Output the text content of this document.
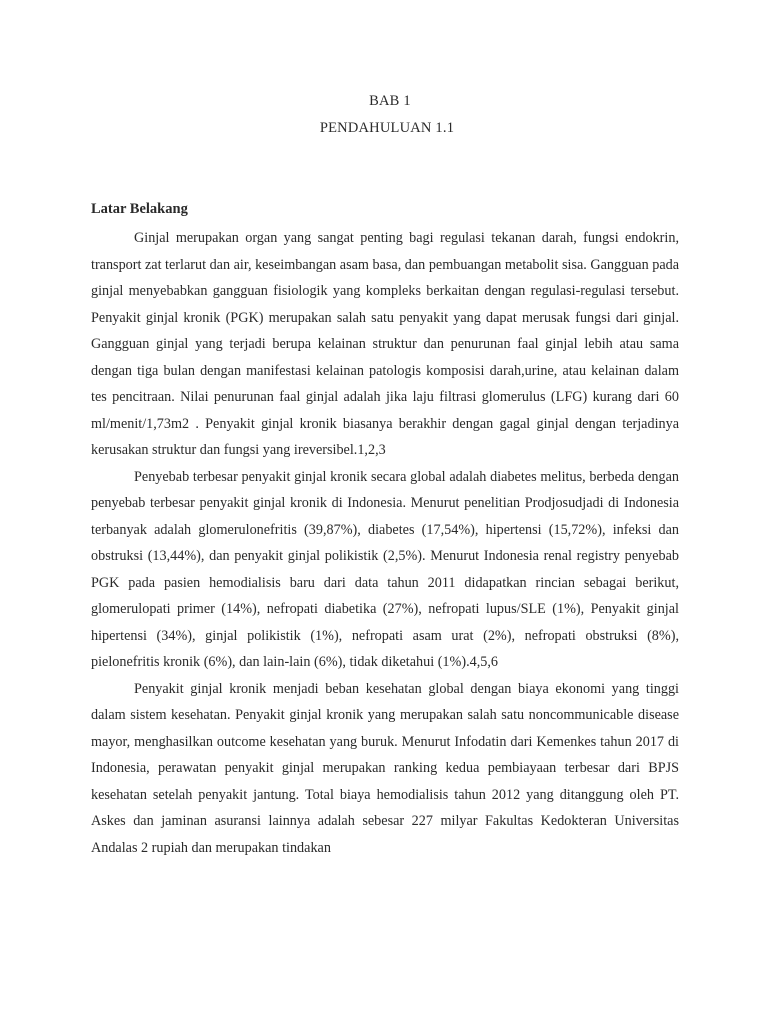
BAB 1
PENDAHULUAN 1.1
Latar Belakang

Ginjal merupakan organ yang sangat penting bagi regulasi tekanan darah, fungsi endokrin, transport zat terlarut dan air, keseimbangan asam basa, dan pembuangan metabolit sisa. Gangguan pada ginjal menyebabkan gangguan fisiologik yang kompleks berkaitan dengan regulasi-regulasi tersebut. Penyakit ginjal kronik (PGK) merupakan salah satu penyakit yang dapat merusak fungsi dari ginjal. Gangguan ginjal yang terjadi berupa kelainan struktur dan penurunan faal ginjal lebih atau sama dengan tiga bulan dengan manifestasi kelainan patologis komposisi darah,urine, atau kelainan dalam tes pencitraan. Nilai penurunan faal ginjal adalah jika laju filtrasi glomerulus (LFG) kurang dari 60 ml/menit/1,73m2 . Penyakit ginjal kronik biasanya berakhir dengan gagal ginjal dengan terjadinya kerusakan struktur dan fungsi yang ireversibel.1,2,3

Penyebab terbesar penyakit ginjal kronik secara global adalah diabetes melitus, berbeda dengan penyebab terbesar penyakit ginjal kronik di Indonesia. Menurut penelitian Prodjosudjadi di Indonesia terbanyak adalah glomerulonefritis (39,87%), diabetes (17,54%), hipertensi (15,72%), infeksi dan obstruksi (13,44%), dan penyakit ginjal polikistik (2,5%). Menurut Indonesia renal registry penyebab PGK pada pasien hemodialisis baru dari data tahun 2011 didapatkan rincian sebagai berikut, glomerulopati primer (14%), nefropati diabetika (27%), nefropati lupus/SLE (1%), Penyakit ginjal hipertensi (34%), ginjal polikistik (1%), nefropati asam urat (2%), nefropati obstruksi (8%), pielonefritis kronik (6%), dan lain-lain (6%), tidak diketahui (1%).4,5,6

Penyakit ginjal kronik menjadi beban kesehatan global dengan biaya ekonomi yang tinggi dalam sistem kesehatan. Penyakit ginjal kronik yang merupakan salah satu noncommunicable disease mayor, menghasilkan outcome kesehatan yang buruk. Menurut Infodatin dari Kemenkes tahun 2017 di Indonesia, perawatan penyakit ginjal merupakan ranking kedua pembiayaan terbesar dari BPJS kesehatan setelah penyakit jantung. Total biaya hemodialisis tahun 2012 yang ditanggung oleh PT. Askes dan jaminan asuransi lainnya adalah sebesar 227 milyar Fakultas Kedokteran Universitas Andalas 2 rupiah dan merupakan tindakan
